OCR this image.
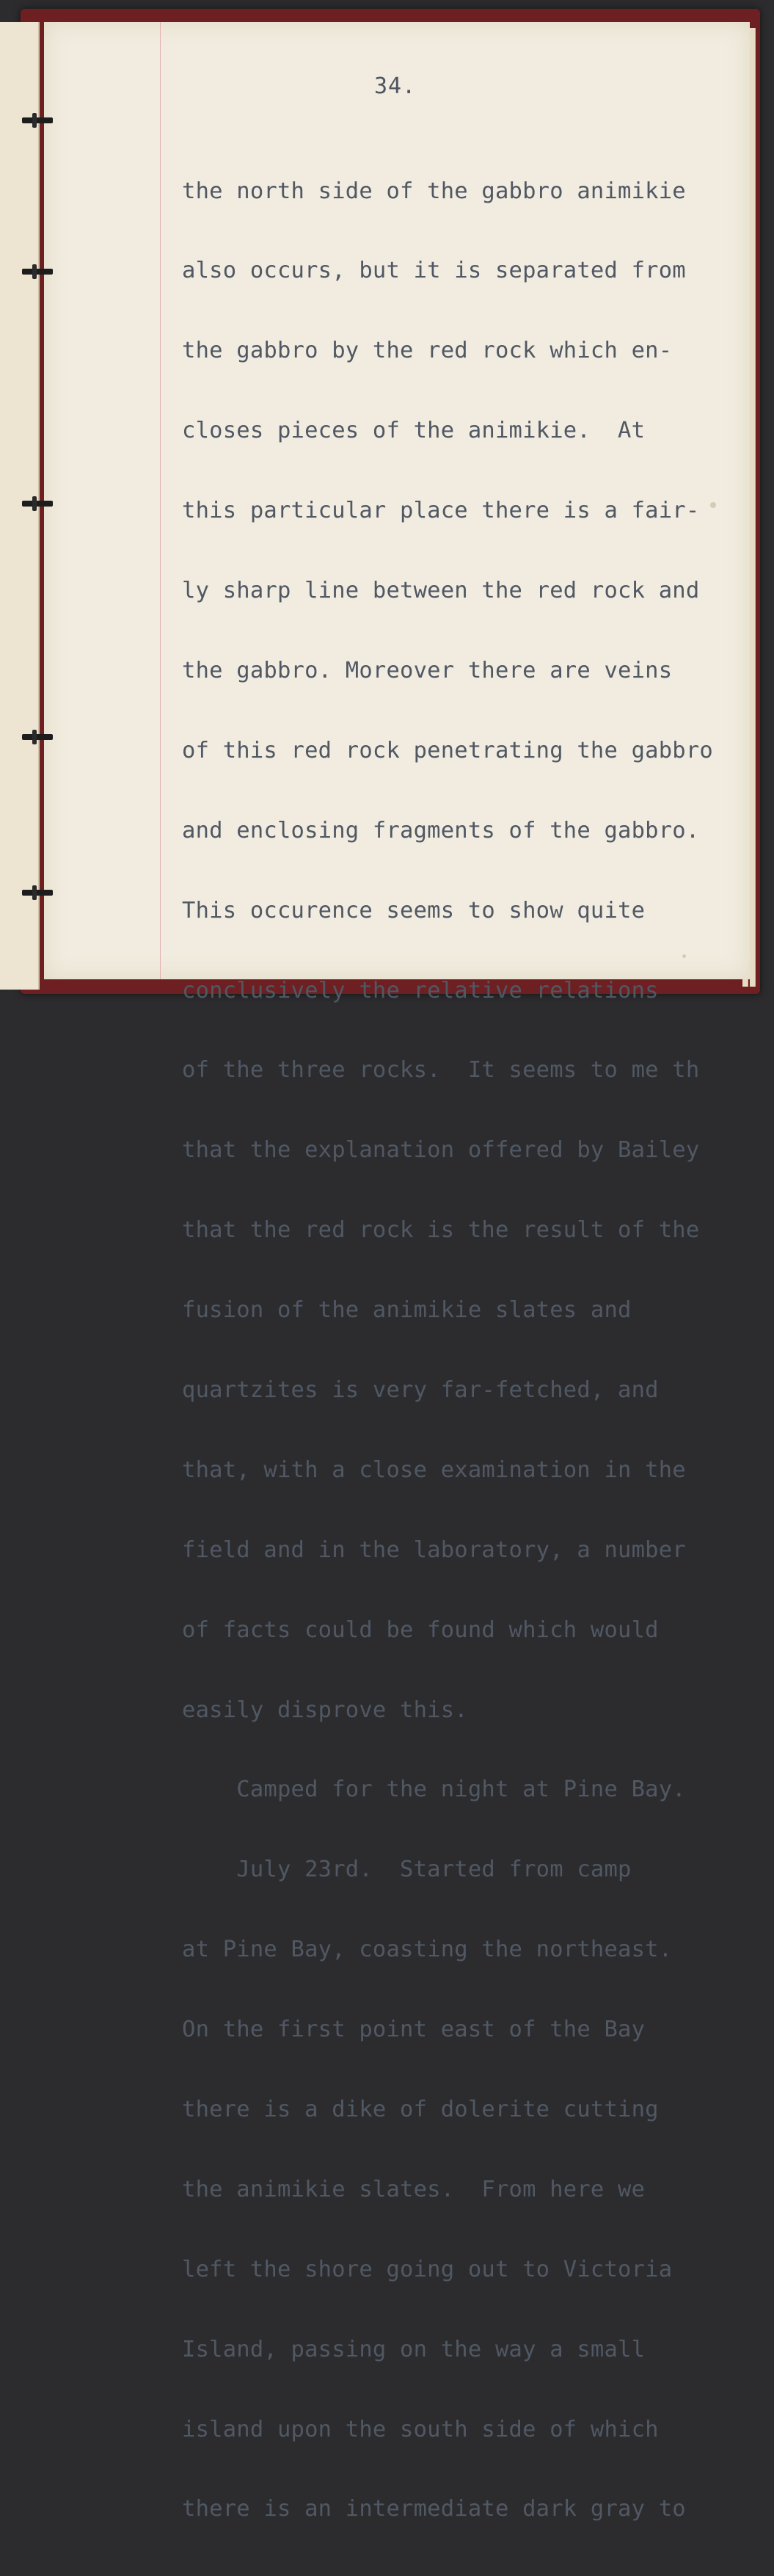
34.

the north side of the gabbro animikie

also occurs, but it is separated from

the gabbro by the red rock which en-

closes pieces of the animikie.  At

this particular place there is a fair-

ly sharp line between the red rock and

the gabbro. Moreover there are veins

of this red rock penetrating the gabbro

and enclosing fragments of the gabbro.

This occurence seems to show quite

conclusively the relative relations

of the three rocks.  It seems to me th

that the explanation offered by Bailey

that the red rock is the result of the

fusion of the animikie slates and

quartzites is very far-fetched, and

that, with a close examination in the

field and in the laboratory, a number

of facts could be found which would

easily disprove this.

Camped for the night at Pine Bay.

July 23rd.  Started from camp

at Pine Bay, coasting the northeast.

On the first point east of the Bay

there is a dike of dolerite cutting

the animikie slates.  From here we

left the shore going out to Victoria

Island, passing on the way a small

island upon the south side of which

there is an intermediate dark gray to
